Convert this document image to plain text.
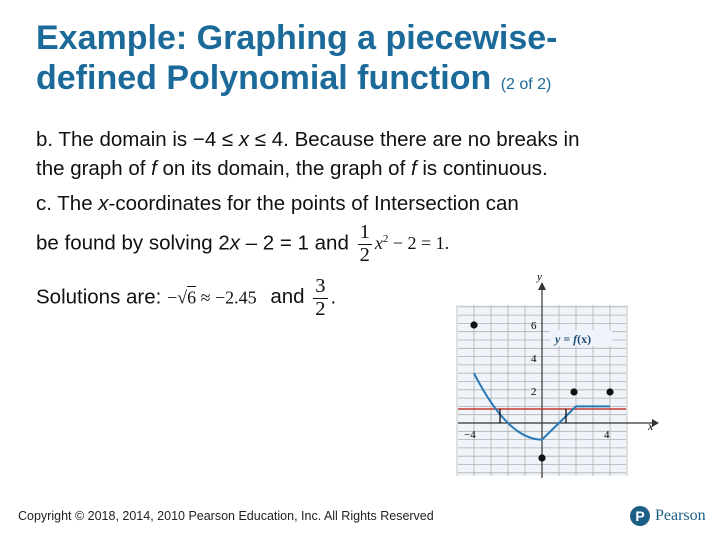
Example: Graphing a piecewise-
defined Polynomial function (2 of 2)
b. The domain is −4 ≤ x ≤ 4. Because there are no breaks in
the graph of f on its domain, the graph of f is continuous.
c. The x-coordinates for the points of Intersection can
be found by solving 2x – 2 = 1 and $\frac{1}{2} x^2 - 2 = 1$.
Solutions are: −√6 ≈ −2.45 and $\frac{3}{2}$ .
y
x
6
4
2
−4	4
y = f(x)
Copyright © 2018, 2014, 2010 Pearson Education, Inc. All Rights Reserved	P Pearson
